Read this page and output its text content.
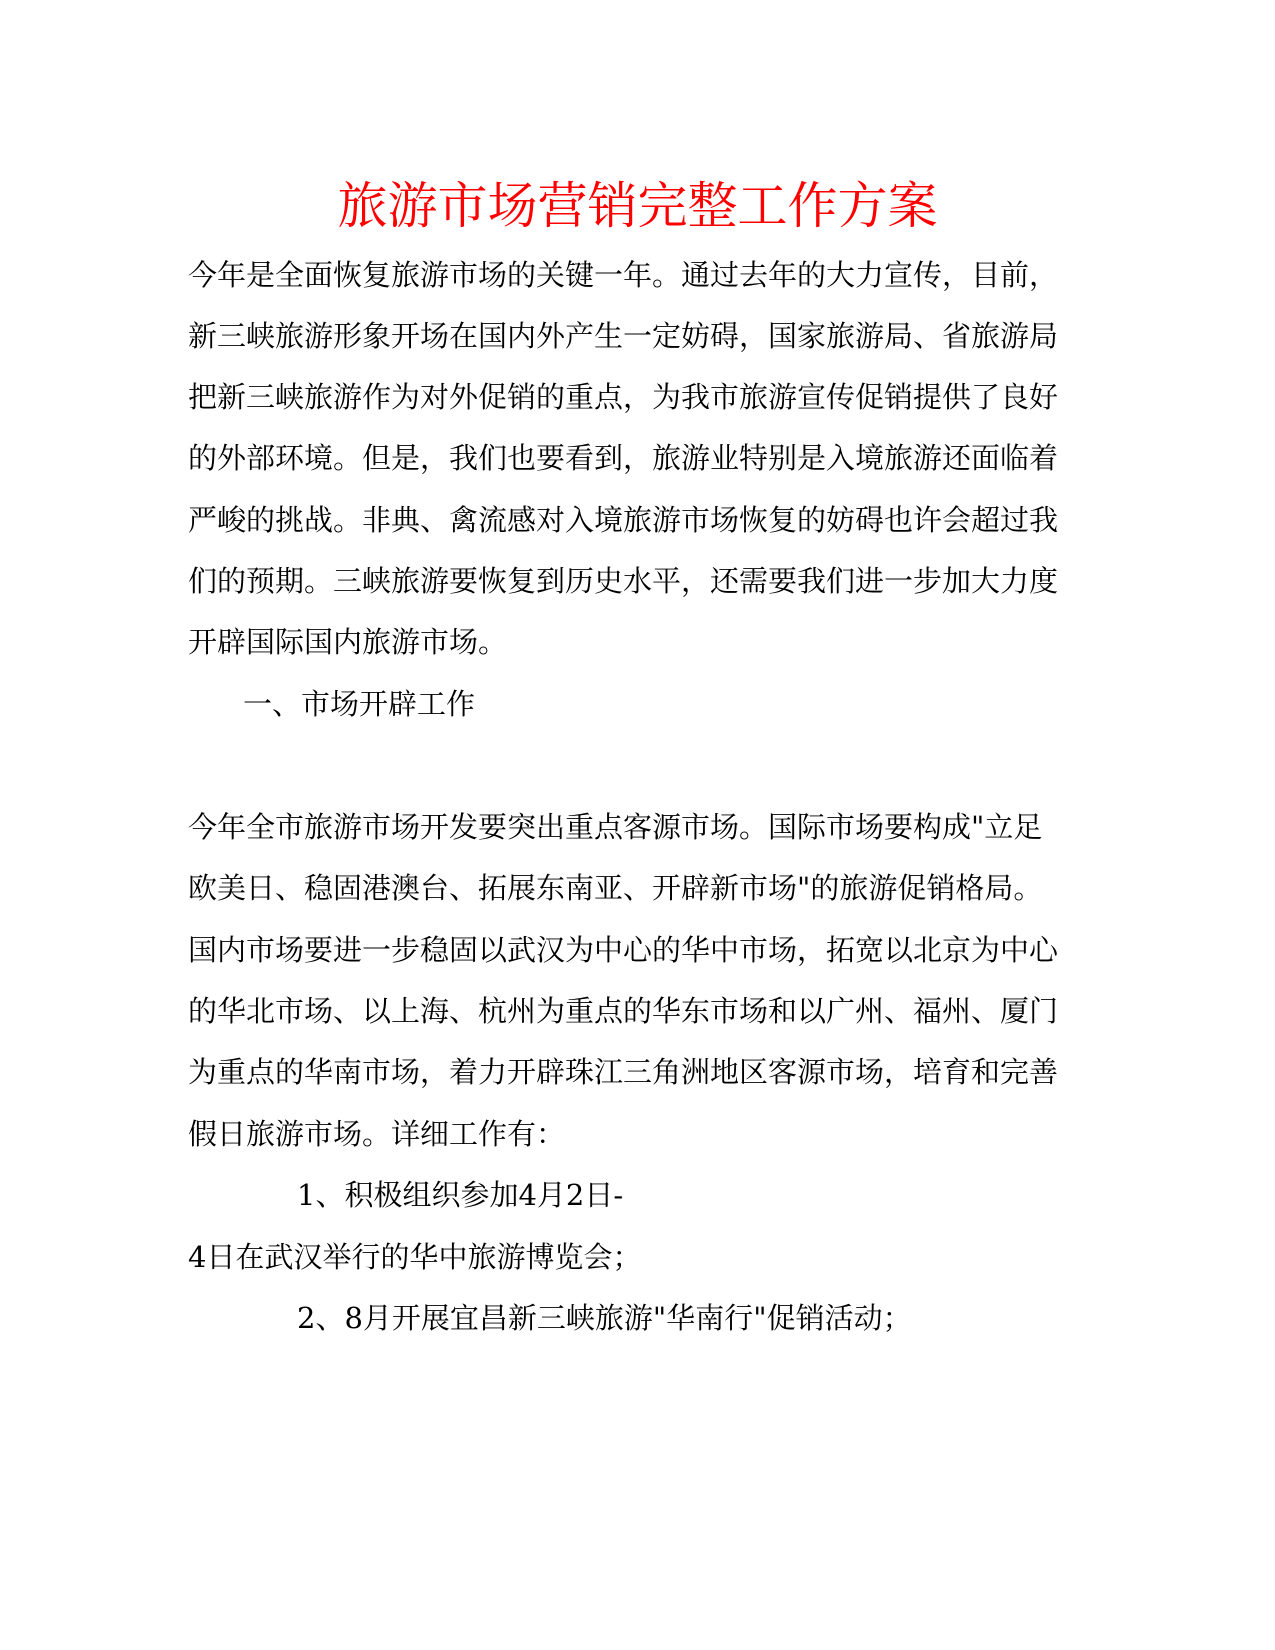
旅游市场营销完整工作方案
今年是全面恢复旅游市场的关键一年。通过去年的大力宣传，目前，
新三峡旅游形象开场在国内外产生一定妨碍，国家旅游局、省旅游局
把新三峡旅游作为对外促销的重点，为我市旅游宣传促销提供了良好
的外部环境。但是，我们也要看到，旅游业特别是入境旅游还面临着
严峻的挑战。非典、禽流感对入境旅游市场恢复的妨碍也许会超过我
们的预期。三峡旅游要恢复到历史水平，还需要我们进一步加大力度
开辟国际国内旅游市场。
一、市场开辟工作
今年全市旅游市场开发要突出重点客源市场。国际市场要构成"立足
欧美日、稳固港澳台、拓展东南亚、开辟新市场"的旅游促销格局。
国内市场要进一步稳固以武汉为中心的华中市场，拓宽以北京为中心
的华北市场、以上海、杭州为重点的华东市场和以广州、福州、厦门
为重点的华南市场，着力开辟珠江三角洲地区客源市场，培育和完善
假日旅游市场。详细工作有：
1、积极组织参加4月2日-
4日在武汉举行的华中旅游博览会；
2、8月开展宜昌新三峡旅游"华南行"促销活动；
